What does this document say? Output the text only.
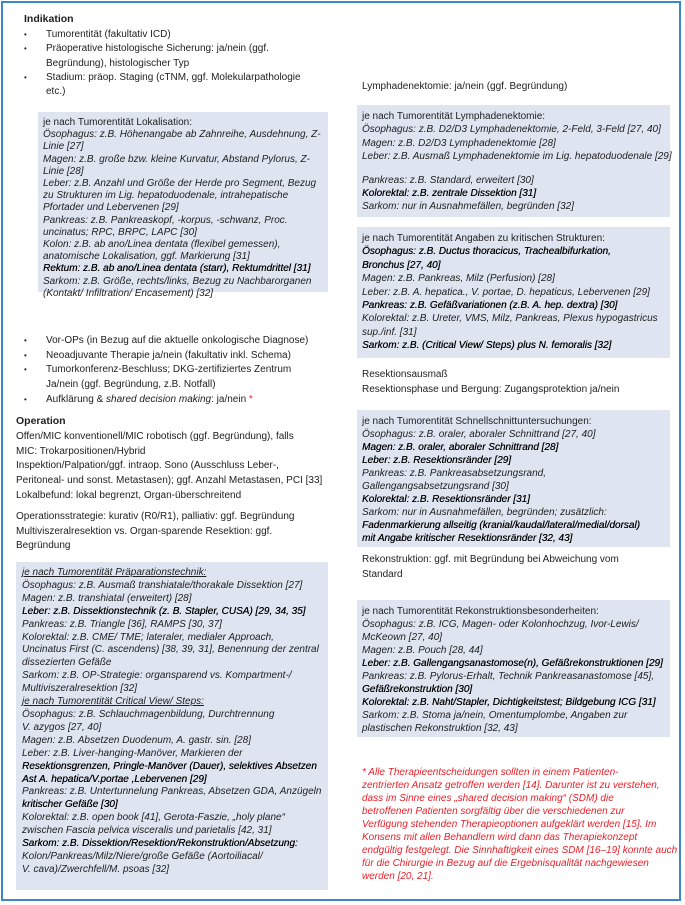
Indikation
• Tumorentität (fakultativ ICD)
• Präoperative histologische Sicherung: ja/nein (ggf.
Begründung), histologischer Typ
• Stadium: präop. Staging (cTNM, ggf. Molekularpathologie
etc.)
je nach Tumorentität Lokalisation:
Ösophagus: z.B. Höhenangabe ab Zahnreihe, Ausdehnung, Z-
Linie [27]
Magen: z.B. große bzw. kleine Kurvatur, Abstand Pylorus, Z-
Linie [28]
Leber: z.B. Anzahl und Größe der Herde pro Segment, Bezug
zu Strukturen im Lig. hepatoduodenale, intrahepatische
Pfortader und Lebervenen [29]
Pankreas: z.B. Pankreaskopf, -korpus, -schwanz, Proc.
uncinatus; RPC, BRPC, LAPC [30]
Kolon: z.B. ab ano/Linea dentata (flexibel gemessen),
anatomische Lokalisation, ggf. Markierung [31]
Rektum: z.B. ab ano/Linea dentata (starr), Rektumdrittel [31]
Sarkom: z.B. Größe, rechts/links, Bezug zu Nachbarorganen
(Kontakt/ Infiltration/ Encasement) [32]
• Vor-OPs (in Bezug auf die aktuelle onkologische Diagnose)
• Neoadjuvante Therapie ja/nein (fakultativ inkl. Schema)
• Tumorkonferenz-Beschluss; DKG-zertifiziertes Zentrum
Ja/nein (ggf. Begründung, z.B. Notfall)
• Aufklärung & shared decision making: ja/nein *
Operation
Offen/MIC konventionell/MIC robotisch (ggf. Begründung), falls
MIC: Trokarpositionen/Hybrid
Inspektion/Palpation/ggf. intraop. Sono (Ausschluss Leber-,
Peritoneal- und sonst. Metastasen); ggf. Anzahl Metastasen, PCI [33]
Lokalbefund: lokal begrenzt, Organ-überschreitend
Operationsstrategie: kurativ (R0/R1), palliativ: ggf. Begründung
Multiviszeralresektion vs. Organ-sparende Resektion: ggf.
Begründung
je nach Tumorentität Präparationstechnik:
Ösophagus: z.B. Ausmaß transhiatale/thorakale Dissektion [27]
Magen: z.B. transhiatal (erweitert) [28]
Leber: z.B. Dissektionstechnik (z. B. Stapler, CUSA) [29, 34, 35]
Pankreas: z.B. Triangle [36], RAMPS [30, 37]
Kolorektal: z.B. CME/ TME; lateraler, medialer Approach,
Uncinatus First (C. ascendens) [38, 39, 31], Benennung der zentral
dissezierten Gefäße
Sarkom: z.B. OP-Strategie: organsparend vs. Kompartment-/
Multiviszeralresektion [32]
je nach Tumorentität Critical View/ Steps:
Ösophagus: z.B. Schlauchmagenbildung, Durchtrennung
V. azygos [27, 40]
Magen: z.B. Absetzen Duodenum, A. gastr. sin. [28]
Leber: z.B. Liver-hanging-Manöver, Markieren der
Resektionsgrenzen, Pringle-Manöver (Dauer), selektives Absetzen
Ast A. hepatica/V.portae ,Lebervenen [29]
Pankreas: z.B. Untertunnelung Pankreas, Absetzen GDA, Anzügeln
kritischer Gefäße [30]
Kolorektal: z.B. open book [41], Gerota-Faszie, „holy plane“
zwischen Fascia pelvica visceralis und parietalis [42, 31]
Sarkom: z.B. Dissektion/Resektion/Rekonstruktion/Absetzung:
Kolon/Pankreas/Milz/Niere/große Gefäße (Aortoiliacal/
V. cava)/Zwerchfell/M. psoas [32]
Lymphadenektomie: ja/nein (ggf. Begründung)
je nach Tumorentität Lymphadenektomie:
Ösophagus: z.B. D2/D3 Lymphadenektomie, 2-Feld, 3-Feld [27, 40]
Magen: z.B. D2/D3 Lymphadenektomie [28]
Leber: z.B. Ausmaß Lymphadenektomie im Lig. hepatoduodenale [29]
Pankreas: z.B. Standard, erweitert [30]
Kolorektal: z.B. zentrale Dissektion [31]
Sarkom: nur in Ausnahmefällen, begründen [32]
je nach Tumorentität Angaben zu kritischen Strukturen:
Ösophagus: z.B. Ductus thoracicus, Trachealbifurkation,
Bronchus [27, 40]
Magen: z.B. Pankreas, Milz (Perfusion) [28]
Leber: z.B. A. hepatica., V. portae, D. hepaticus, Lebervenen [29]
Pankreas: z.B. Gefäßvariationen (z.B. A. hep. dextra) [30]
Kolorektal: z.B. Ureter, VMS, Milz, Pankreas, Plexus hypogastricus
sup./inf. [31]
Sarkom: z.B. (Critical View/ Steps) plus N. femoralis [32]
Resektionsausmaß
Resektionsphase und Bergung: Zugangsprotektion ja/nein
je nach Tumorentität Schnellschnittuntersuchungen:
Ösophagus: z.B. oraler, aboraler Schnittrand [27, 40]
Magen: z.B. oraler, aboraler Schnittrand [28]
Leber: z.B. Resektionsränder [29]
Pankreas: z.B. Pankreasabsetzungsrand,
Gallengangsabsetzungsrand [30]
Kolorektal: z.B. Resektionsränder [31]
Sarkom: nur in Ausnahmefällen, begründen; zusätzlich:
Fadenmarkierung allseitig (kranial/kaudal/lateral/medial/dorsal)
mit Angabe kritischer Resektionsränder [32, 43]
Rekonstruktion: ggf. mit Begründung bei Abweichung vom
Standard
je nach Tumorentität Rekonstruktionsbesonderheiten:
Ösophagus: z.B. ICG, Magen- oder Kolonhochzug, Ivor-Lewis/
McKeown [27, 40]
Magen: z.B. Pouch [28, 44]
Leber: z.B. Gallengangsanastomose(n), Gefäßrekonstruktionen [29]
Pankreas: z.B. Pylorus-Erhalt, Technik Pankreasanastomose [45],
Gefäßrekonstruktion [30]
Kolorektal: z.B. Naht/Stapler, Dichtigkeitstest; Bildgebung ICG [31]
Sarkom: z.B. Stoma ja/nein, Omentumplombe, Angaben zur
plastischen Rekonstruktion [32, 43]
* Alle Therapieentscheidungen sollten in einem Patienten-
zentrierten Ansatz getroffen werden [14]. Darunter ist zu verstehen,
dass im Sinne eines „shared decision making“ (SDM) die
betroffenen Patienten sorgfältig über die verschiedenen zur
Verfügung stehenden Therapieoptionen aufgeklärt werden [15]. Im
Konsens mit allen Behandlern wird dann das Therapiekonzept
endgültig festgelegt. Die Sinnhaftigkeit eines SDM [16–19] konnte auch
für die Chirurgie in Bezug auf die Ergebnisqualität nachgewiesen
werden [20, 21].
